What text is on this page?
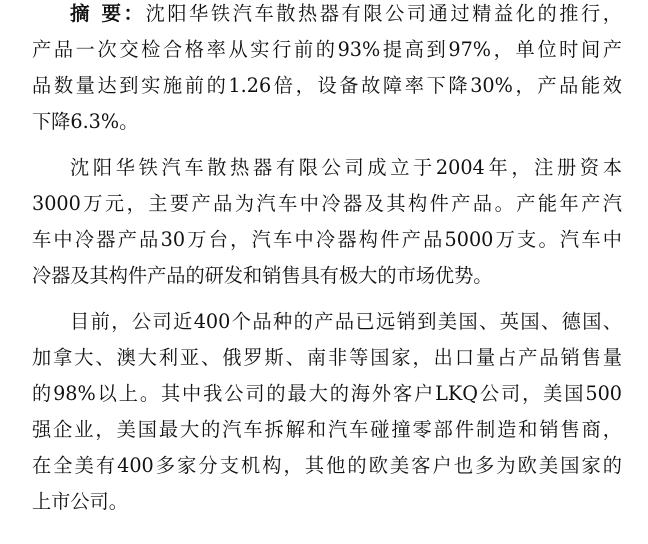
摘 要：沈阳华铁汽车散热器有限公司通过精益化的推行，
产品一次交检合格率从实行前的93%提高到97%，单位时间产
品数量达到实施前的1.26倍，设备故障率下降30%，产品能效
下降6.3%。
沈阳华铁汽车散热器有限公司成立于2004年，注册资本
3000万元，主要产品为汽车中冷器及其构件产品。产能年产汽
车中冷器产品30万台，汽车中冷器构件产品5000万支。汽车中
冷器及其构件产品的研发和销售具有极大的市场优势。
目前，公司近400个品种的产品已远销到美国、英国、德国、
加拿大、澳大利亚、俄罗斯、南非等国家，出口量占产品销售量
的98%以上。其中我公司的最大的海外客户LKQ公司，美国500
强企业，美国最大的汽车拆解和汽车碰撞零部件制造和销售商，
在全美有400多家分支机构，其他的欧美客户也多为欧美国家的
上市公司。
